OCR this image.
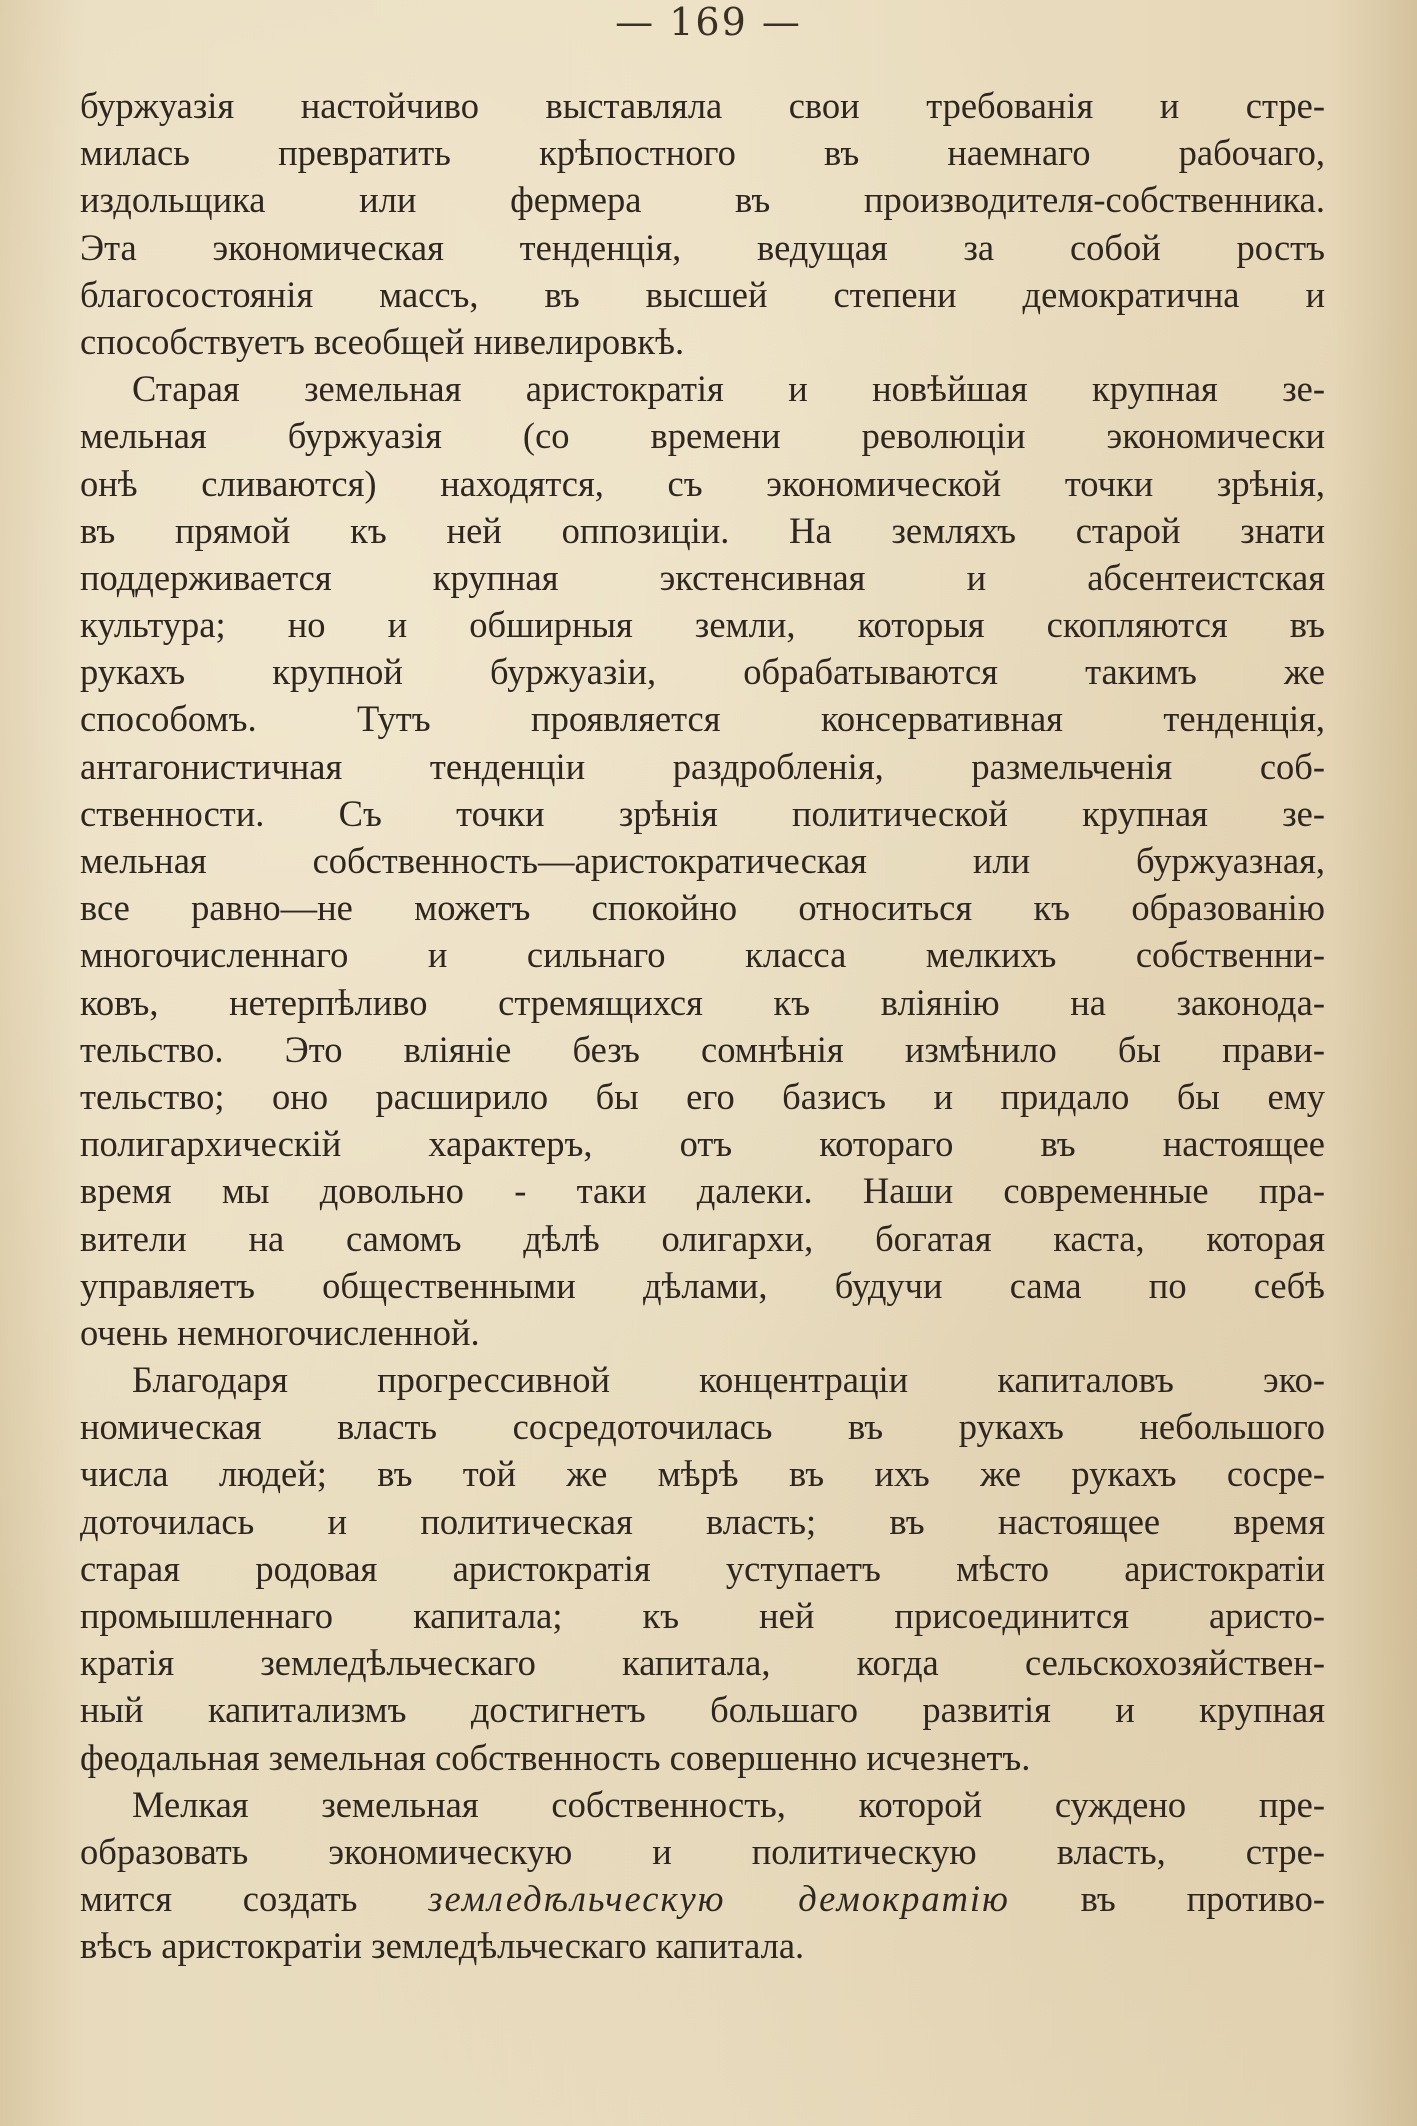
— 169 —
буржуазія настойчиво выставляла свои требованія и стре-
милась превратить крѣпостного въ наемнаго рабочаго,
издольщика или фермера въ производителя-собственника.
Эта экономическая тенденція, ведущая за собой ростъ
благосостоянія массъ, въ высшей степени демократична и
способствуетъ всеобщей нивелировкѣ.
Старая земельная аристократія и новѣйшая крупная зе-
мельная буржуазія (со времени революціи экономически
онѣ сливаются) находятся, съ экономической точки зрѣнія,
въ прямой къ ней оппозиціи. На земляхъ старой знати
поддерживается крупная экстенсивная и абсентеистская
культура; но и обширныя земли, которыя скопляются въ
рукахъ крупной буржуазіи, обрабатываются такимъ же
способомъ. Тутъ проявляется консервативная тенденція,
антагонистичная тенденціи раздробленія, размельченія соб-
ственности. Съ точки зрѣнія политической крупная зе-
мельная собственность—аристократическая или буржуазная,
все равно—не можетъ спокойно относиться къ образованію
многочисленнаго и сильнаго класса мелкихъ собственни-
ковъ, нетерпѣливо стремящихся къ вліянію на законода-
тельство. Это вліяніе безъ сомнѣнія измѣнило бы прави-
тельство; оно расширило бы его базисъ и придало бы ему
полигархическій характеръ, отъ котораго въ настоящее
время мы довольно - таки далеки. Наши современные пра-
вители на самомъ дѣлѣ олигархи, богатая каста, которая
управляетъ общественными дѣлами, будучи сама по себѣ
очень немногочисленной.
Благодаря прогрессивной концентраціи капиталовъ эко-
номическая власть сосредоточилась въ рукахъ небольшого
числа людей; въ той же мѣрѣ въ ихъ же рукахъ сосре-
доточилась и политическая власть; въ настоящее время
старая родовая аристократія уступаетъ мѣсто аристократіи
промышленнаго капитала; къ ней присоединится аристо-
кратія земледѣльческаго капитала, когда сельскохозяйствен-
ный капитализмъ достигнетъ большаго развитія и крупная
феодальная земельная собственность совершенно исчезнетъ.
Мелкая земельная собственность, которой суждено пре-
образовать экономическую и политическую власть, стре-
мится создать земледѣльческую демократію въ противо-
вѣсъ аристократіи земледѣльческаго капитала.
